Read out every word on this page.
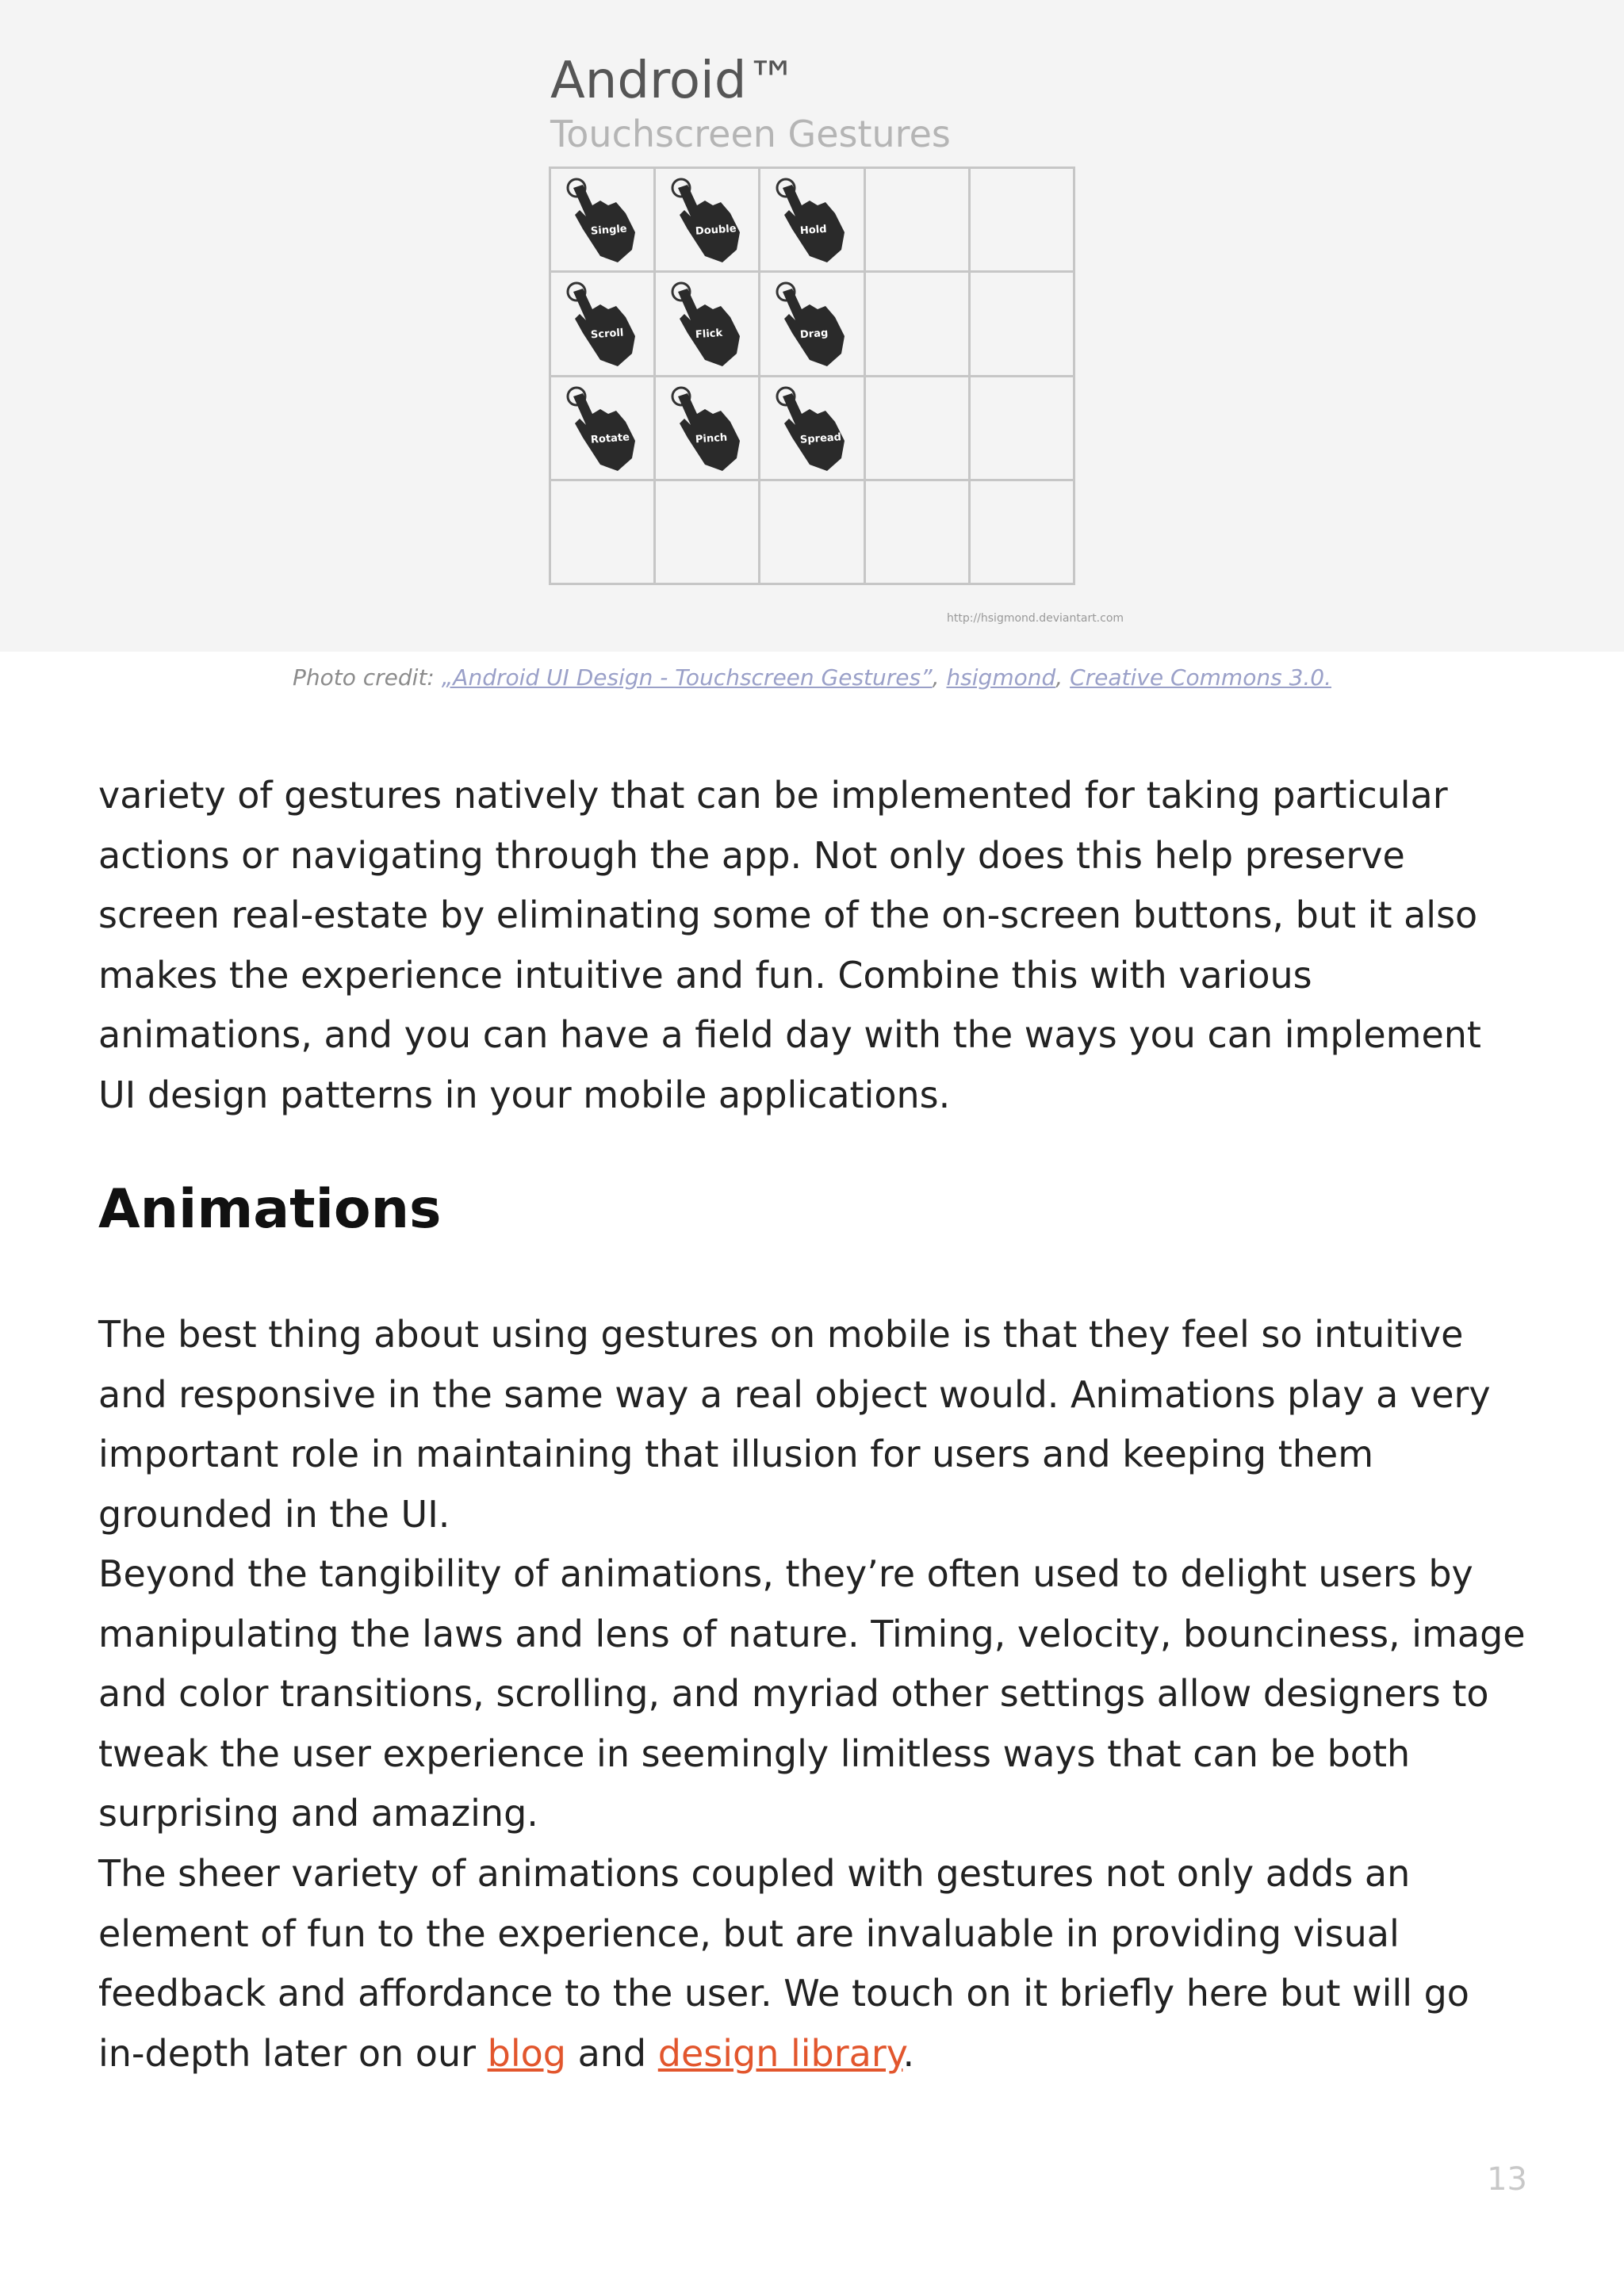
Android™
Touchscreen Gestures
Single	Double	Hold
Scroll	Flick	Drag
Rotate	Pinch	Spread
http://hsigmond.deviantart.com
Photo credit: „Android UI Design - Touchscreen Gestures”, hsigmond, Creative Commons 3.0.

variety of gestures natively that can be implemented for taking particular actions or navigating through the app. Not only does this help preserve screen real-estate by eliminating some of the on-screen buttons, but it also makes the experience intuitive and fun. Combine this with various animations, and you can have a field day with the ways you can implement UI design patterns in your mobile applications.

Animations

The best thing about using gestures on mobile is that they feel so intuitive and responsive in the same way a real object would. Animations play a very important role in maintaining that illusion for users and keeping them grounded in the UI.

Beyond the tangibility of animations, they’re often used to delight users by manipulating the laws and lens of nature. Timing, velocity, bounciness, image and color transitions, scrolling, and myriad other settings allow designers to tweak the user experience in seemingly limitless ways that can be both surprising and amazing.

The sheer variety of animations coupled with gestures not only adds an element of fun to the experience, but are invaluable in providing visual feedback and affordance to the user. We touch on it briefly here but will go in-depth later on our blog and design library.

13
